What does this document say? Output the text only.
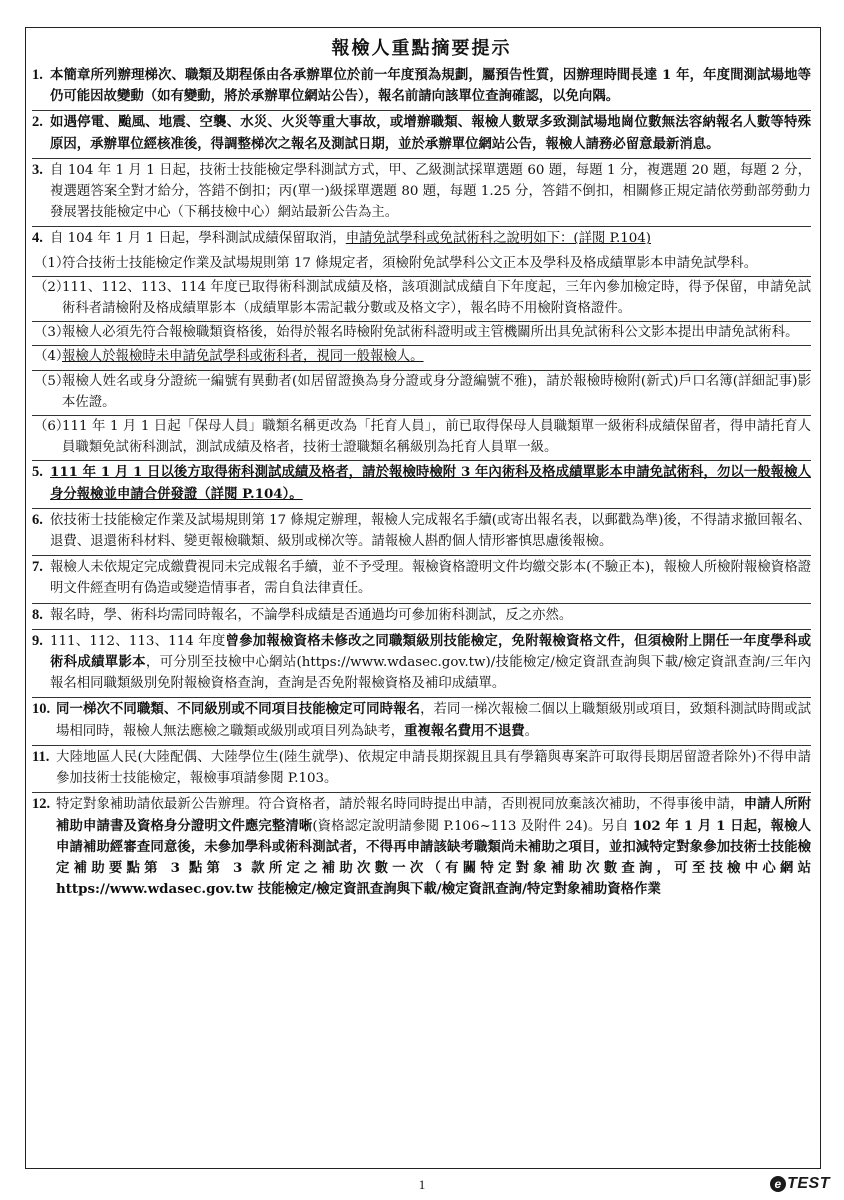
報檢人重點摘要提示
1. 本簡章所列辦理梯次、職類及期程係由各承辦單位於前一年度預為規劃，屬預告性質，因辦理時間長達 1 年，年度間測試場地等仍可能因故變動（如有變動，將於承辦單位網站公告），報名前請向該單位查詢確認，以免向隅。
2. 如遇停電、颱風、地震、空襲、水災、火災等重大事故，或增辦職類、報檢人數眾多致測試場地崗位數無法容納報名人數等特殊原因，承辦單位經核准後，得調整梯次之報名及測試日期，並於承辦單位網站公告，報檢人請務必留意最新消息。
3. 自 104 年 1 月 1 日起，技術士技能檢定學科測試方式，甲、乙級測試採單選題 60 題，每題 1 分，複選題 20 題，每題 2 分，複選題答案全對才給分，答錯不倒扣；丙(單一)級採單選題 80 題，每題 1.25 分，答錯不倒扣，相關修正規定請依勞動部勞動力發展署技能檢定中心（下稱技檢中心）網站最新公告為主。
4. 自 104 年 1 月 1 日起，學科測試成績保留取消，申請免試學科或免試術科之說明如下：(詳閱 P.104)
（1）
符合技術士技能檢定作業及試場規則第 17 條規定者，須檢附免試學科公文正本及學科及格成績單影本申請免試學科。
（2）
111、112、113、114 年度已取得術科測試成績及格，該項測試成績自下年度起，三年內參加檢定時，得予保留，申請免試術科者請檢附及格成績單影本（成績單影本需記載分數或及格文字），報名時不用檢附資格證件。
（3）
報檢人必須先符合報檢職類資格後，始得於報名時檢附免試術科證明或主管機關所出具免試術科公文影本提出申請免試術科。
（4）
報檢人於報檢時未申請免試學科或術科者，視同一般報檢人。
（5）
報檢人姓名或身分證統一編號有異動者(如居留證換為身分證或身分證編號不雅)，請於報檢時檢附(新式)戶口名簿(詳細記事)影本佐證。
（6）
111 年 1 月 1 日起「保母人員」職類名稱更改為「托育人員」，前已取得保母人員職類單一級術科成績保留者，得申請托育人員職類免試術科測試，測試成績及格者，技術士證職類名稱級別為托育人員單一級。
5. 111 年 1 月 1 日以後方取得術科測試成績及格者，請於報檢時檢附 3 年內術科及格成績單影本申請免試術科，勿以一般報檢人身分報檢並申請合併發證（詳閱 P.104）。
6. 依技術士技能檢定作業及試場規則第 17 條規定辦理，報檢人完成報名手續(或寄出報名表，以郵戳為準)後，不得請求撤回報名、退費、退還術科材料、變更報檢職類、級別或梯次等。請報檢人斟酌個人情形審慎思慮後報檢。
7. 報檢人未依規定完成繳費視同未完成報名手續，並不予受理。報檢資格證明文件均繳交影本(不驗正本)，報檢人所檢附報檢資格證明文件經查明有偽造或變造情事者，需自負法律責任。
8. 報名時，學、術科均需同時報名，不論學科成績是否通過均可參加術科測試，反之亦然。
9. 111、112、113、114 年度曾參加報檢資格未修改之同職類級別技能檢定，免附報檢資格文件，但須檢附上開任一年度學科或術科成績單影本，可分別至技檢中心網站(https://www.wdasec.gov.tw)/技能檢定/檢定資訊查詢與下載/檢定資訊查詢/三年內報名相同職類級別免附報檢資格查詢，查詢是否免附報檢資格及補印成績單。
10. 同一梯次不同職類、不同級別或不同項目技能檢定可同時報名，若同一梯次報檢二個以上職類級別或項目，致類科測試時間或試場相同時，報檢人無法應檢之職類或級別或項目列為缺考，重複報名費用不退費。
11. 大陸地區人民(大陸配偶、大陸學位生(陸生就學)、依規定申請長期探親且具有學籍與專案許可取得長期居留證者除外)不得申請參加技術士技能檢定，報檢事項請參閱 P.103。
12. 特定對象補助請依最新公告辦理。符合資格者，請於報名時同時提出申請，否則視同放棄該次補助，不得事後申請，申請人所附補助申請書及資格身分證明文件應完整清晰(資格認定說明請參閱 P.106~113 及附件 24)。另自 102 年 1 月 1 日起，報檢人申請補助經審查同意後，未參加學科或術科測試者，不得再申請該缺考職類尚未補助之項目，並扣減特定對象參加技術士技能檢定補助要點第 3 點第 3 款所定之補助次數一次（有關特定對象補助次數查詢，可至技檢中心網站 https://www.wdasec.gov.tw 技能檢定/檢定資訊查詢與下載/檢定資訊查詢/特定對象補助資格作業
1	e TEST
